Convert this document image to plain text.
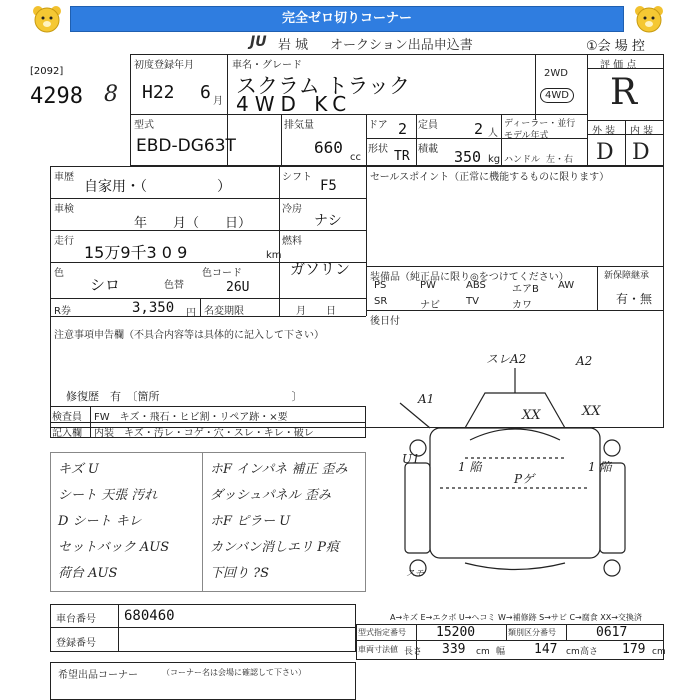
完全ゼロ切りコーナー
JU 岩 城 オークション出品申込書	①会 場 控
[2092]
4298 8
初度登録年月
H22 6 月
車名・グレード
スクラム トラック
4WD KC
2WD
4WD
評 価 点
R
型式
EBD-DG63T
排気量
660
cc
ドア 2 定員 2 人
ディーラー・並行
モデル年式
形状 TR 積載 350 kg ハンドル 左・右
外 装 内 装
D D
車歴
自家用・（　　　　　）
シフト
F5
車検
年　　月（　　日）
冷房
ナシ
走行
15万9千3 0 9	km
燃料
ガソリン
色
シロ	色替
色コード
26U
R券	3,350 円 名変期限	月　　日
セールスポイント（正常に機能するものに限ります）
装備品（純正品に限り◎をつけてください）	新保障継承
有・無
PS	PW	ABS	エアB AW
SR	ナビ	TV	カワ
後日付
注意事項申告欄（不具合内容等は具体的に記入して下さい）
修復歴　有　〔箇所　　　　　　　　　　　　〕
検査員
記入欄
FW　キズ・飛石・ヒビ割・リペア跡・×要
内装　キズ・汚レ・コゲ・穴・スレ・キレ・破レ
キズ U
シート 天張 汚れ
D シート キレ
セットバック AUS
荷台 AUS
ホF インパネ 補正 歪み
ダッシュパネル 歪み
ホF ピラー U
カンバン消しエリ P痕
下回り ?S
スレA2	A2
A1
U1
XX	XX
1 陥
Pゲ
1 陥
スモ
車台番号 680460
登録番号
A→キズ E→エクボ U→ヘコミ W→補修跡 S→サビ C→腐食 XX→交換済
型式指定番号 15200	類別区分番号	0617
車両寸法値 長さ 339 cm 幅 147 cm 高さ 179 cm
希望出品コーナー	（コーナー名は会場に確認して下さい）
